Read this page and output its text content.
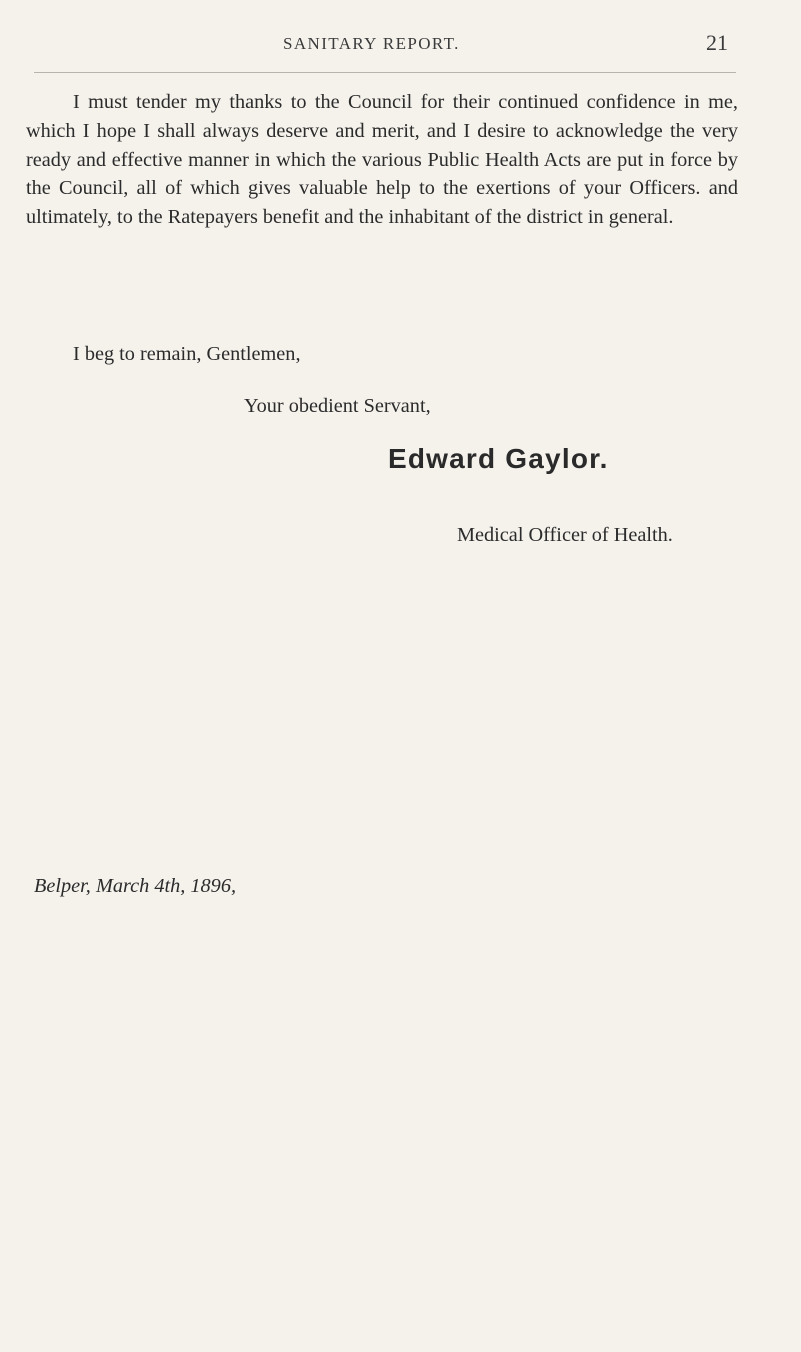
SANITARY REPORT.	21

I must tender my thanks to the Council for their continued confidence in me, which I hope I shall always deserve and merit, and I desire to acknowledge the very ready and effective manner in which the various Public Health Acts are put in force by the Council, all of which gives valuable help to the exertions of your Officers. and ultimately, to the Ratepayers benefit and the inhabitant of the district in general.

I beg to remain, Gentlemen,
Your obedient Servant,
Edward Gaylor.
Medical Officer of Health.
Belper, March 4th, 1896,
